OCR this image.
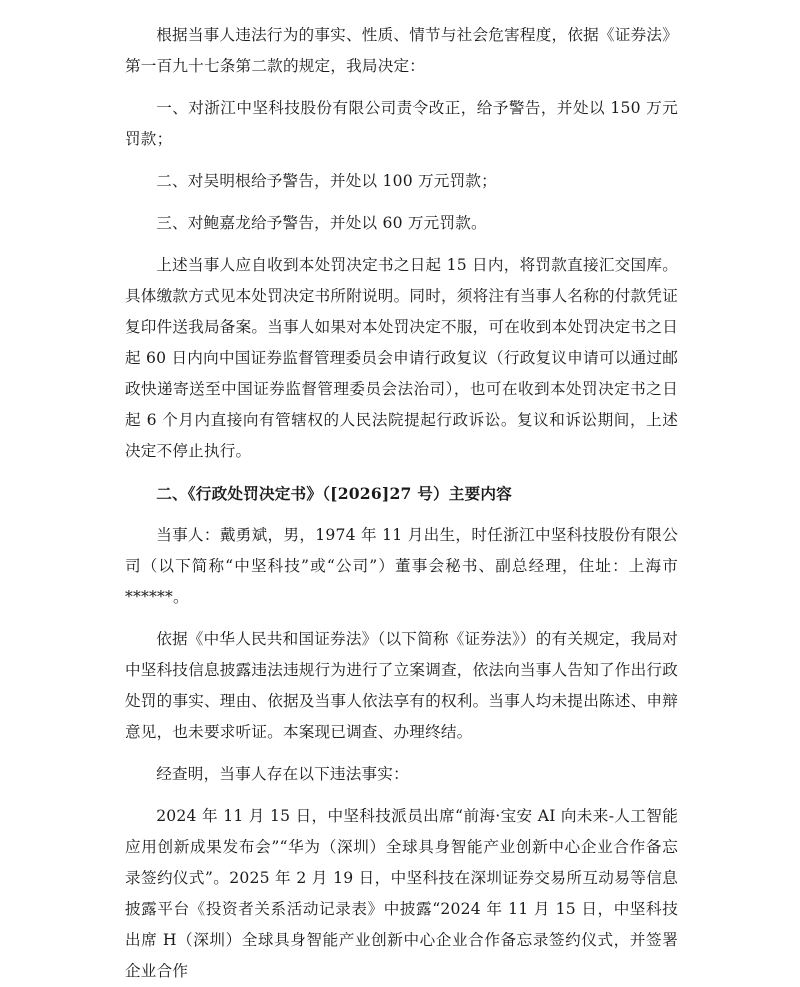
根据当事人违法行为的事实、性质、情节与社会危害程度，依据《证券法》第一百九十七条第二款的规定，我局决定：

一、对浙江中坚科技股份有限公司责令改正，给予警告，并处以 150 万元罚款；

二、对吴明根给予警告，并处以 100 万元罚款；

三、对鲍嘉龙给予警告，并处以 60 万元罚款。

上述当事人应自收到本处罚决定书之日起 15 日内，将罚款直接汇交国库。具体缴款方式见本处罚决定书所附说明。同时，须将注有当事人名称的付款凭证复印件送我局备案。当事人如果对本处罚决定不服，可在收到本处罚决定书之日起 60 日内向中国证券监督管理委员会申请行政复议（行政复议申请可以通过邮政快递寄送至中国证券监督管理委员会法治司），也可在收到本处罚决定书之日起 6 个月内直接向有管辖权的人民法院提起行政诉讼。复议和诉讼期间，上述决定不停止执行。

二、《行政处罚决定书》（[2026]27 号）主要内容

当事人：戴勇斌，男，1974 年 11 月出生，时任浙江中坚科技股份有限公司（以下简称“中坚科技”或“公司”）董事会秘书、副总经理，住址：上海市******。

依据《中华人民共和国证券法》（以下简称《证券法》）的有关规定，我局对中坚科技信息披露违法违规行为进行了立案调查，依法向当事人告知了作出行政处罚的事实、理由、依据及当事人依法享有的权利。当事人均未提出陈述、申辩意见，也未要求听证。本案现已调查、办理终结。

经查明，当事人存在以下违法事实：

2024 年 11 月 15 日，中坚科技派员出席“前海·宝安 AI 向未来-人工智能应用创新成果发布会”“华为（深圳）全球具身智能产业创新中心企业合作备忘录签约仪式”。2025 年 2 月 19 日，中坚科技在深圳证券交易所互动易等信息披露平台《投资者关系活动记录表》中披露“2024 年 11 月 15 日，中坚科技出席 H（深圳）全球具身智能产业创新中心企业合作备忘录签约仪式，并签署企业合作
